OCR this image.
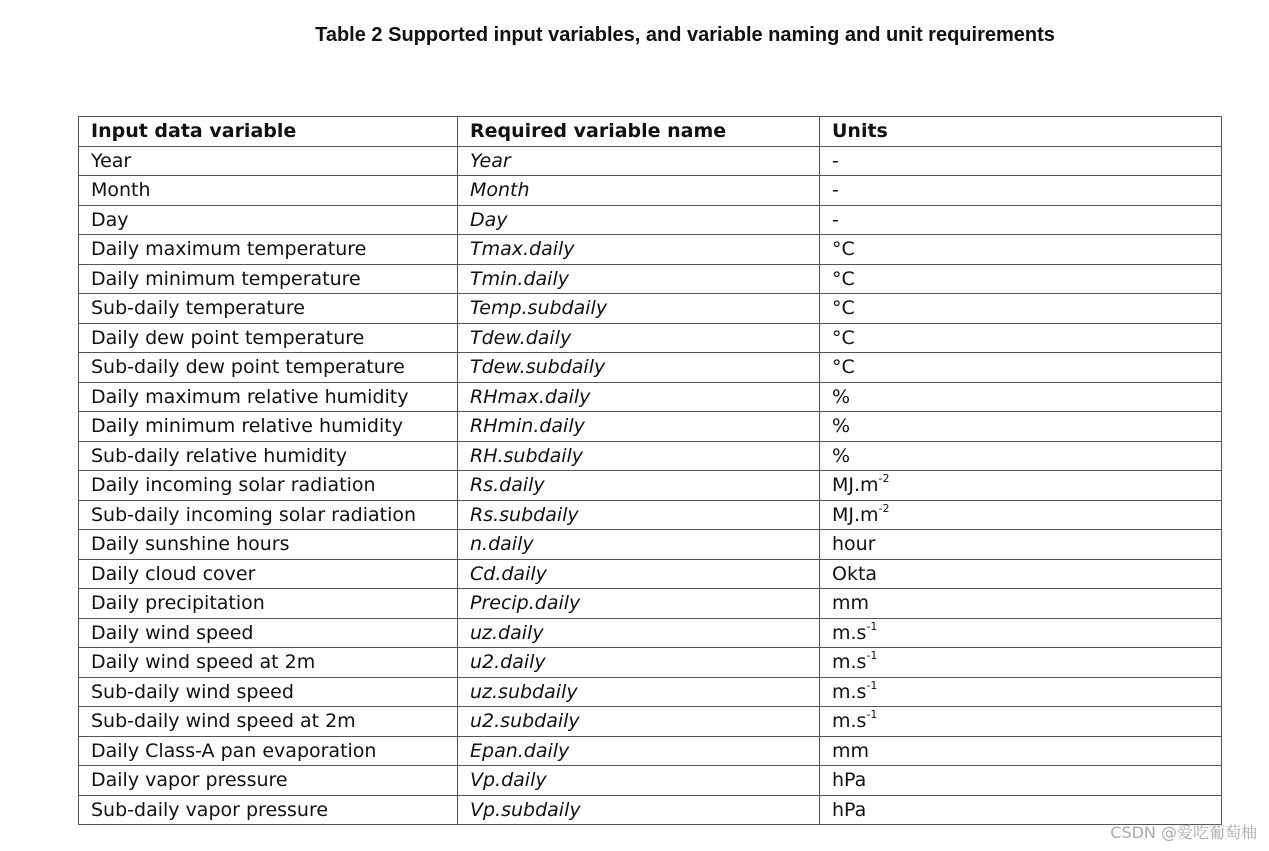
Table 2 Supported input variables, and variable naming and unit requirements
Input data variable	Required variable name	Units
Year	Year	-
Month	Month	-
Day	Day	-
Daily maximum temperature	Tmax.daily	°C
Daily minimum temperature	Tmin.daily	°C
Sub-daily temperature	Temp.subdaily	°C
Daily dew point temperature	Tdew.daily	°C
Sub-daily dew point temperature	Tdew.subdaily	°C
Daily maximum relative humidity	RHmax.daily	%
Daily minimum relative humidity	RHmin.daily	%
Sub-daily relative humidity	RH.subdaily	%
Daily incoming solar radiation	Rs.daily	$MJ.m^{-2}$
Sub-daily incoming solar radiation	Rs.subdaily	$MJ.m^{-2}$
Daily sunshine hours	n.daily	hour
Daily cloud cover	Cd.daily	Okta
Daily precipitation	Precip.daily	mm
Daily wind speed	uz.daily	$m.s^{-1}$
Daily wind speed at 2m	u2.daily	$m.s^{-1}$
Sub-daily wind speed	uz.subdaily	$m.s^{-1}$
Sub-daily wind speed at 2m	u2.subdaily	$m.s^{-1}$
Daily Class-A pan evaporation	Epan.daily	mm
Daily vapor pressure	Vp.daily	hPa
Sub-daily vapor pressure	Vp.subdaily	hPa
CSDN @爱吃葡萄柚
